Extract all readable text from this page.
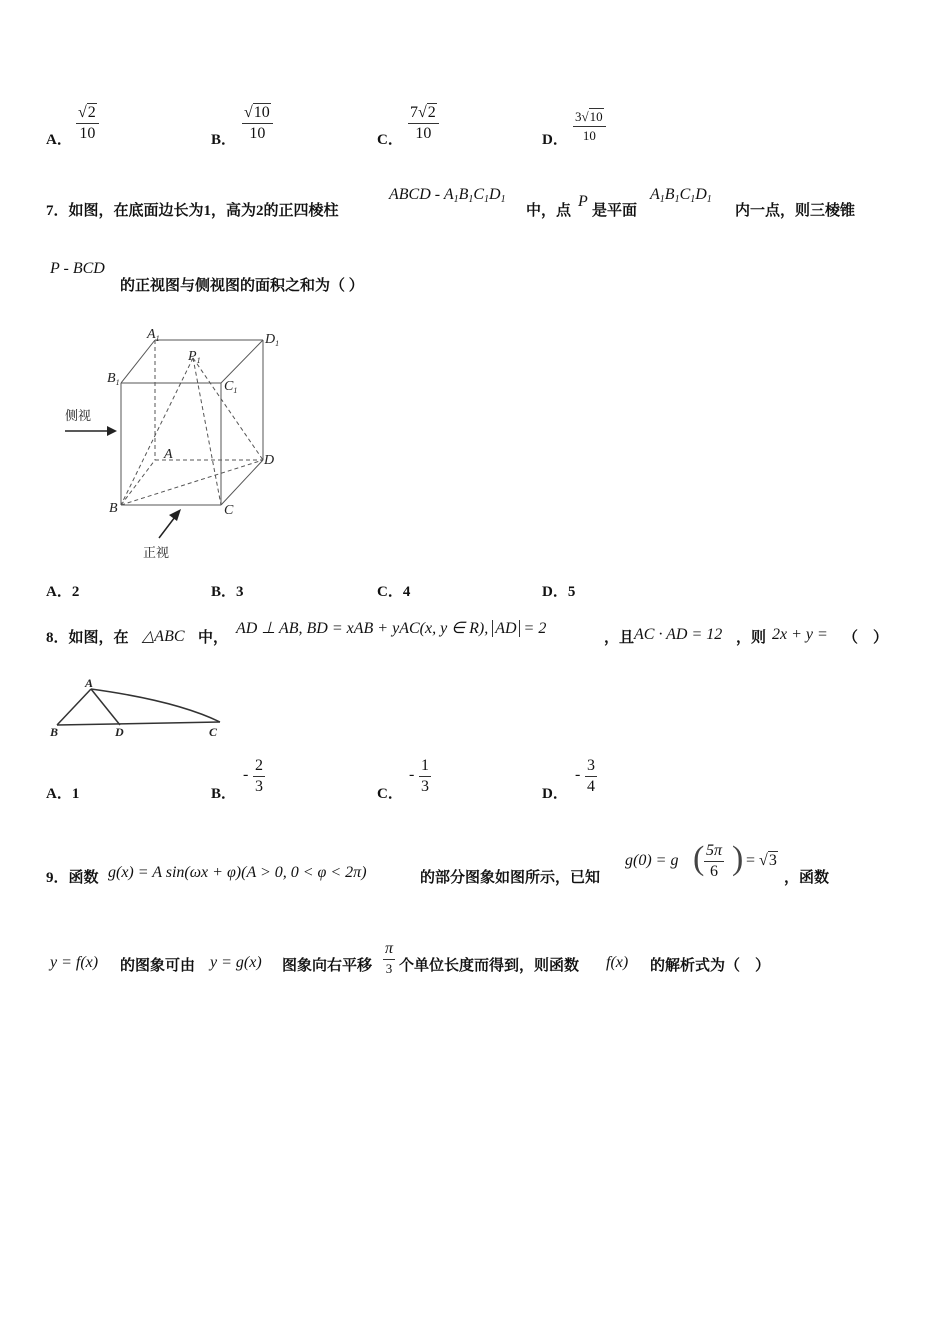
A．
√2
10	B．
√10
10	C．
7√2
10	D．
3√10
10
7．如图，在底面边长为1，高为2的正四棱柱
ABCD - $A_1B_1C_1D_1$
中，点
P
是平面
$A_1B_1C_1D_1$
内一点，则三棱锥
P - BCD
的正视图与侧视图的面积之和为（ ）
$A_1$	$D_1$
$B_1$	$C_1$
$P_1$
A	D
B	C
侧视
正视
A．2	B．3	C．4	D．5
8．如图，在 △ABC 中，
AD ⊥ AB, BD = xAB + yAC(x, y ∈ R), AD = 2
，且 AC · AD = 12 ，则 2x + y = （　）
A
B	D	C
A．1	B．
-
2
3	C．
-
1
3	D．
-
3
4
9．函数 g(x) = A sin(ωx + φ)(A > 0, 0 < φ < 2π)	的部分图象如图所示，已知
g(0) = g ( 5π
6 ) = √3
，函数
y = f(x) 的图象可由 y = g(x) 图象向右平移
π
3 个单位长度而得到，则函数 f(x) 的解析式为（　）
